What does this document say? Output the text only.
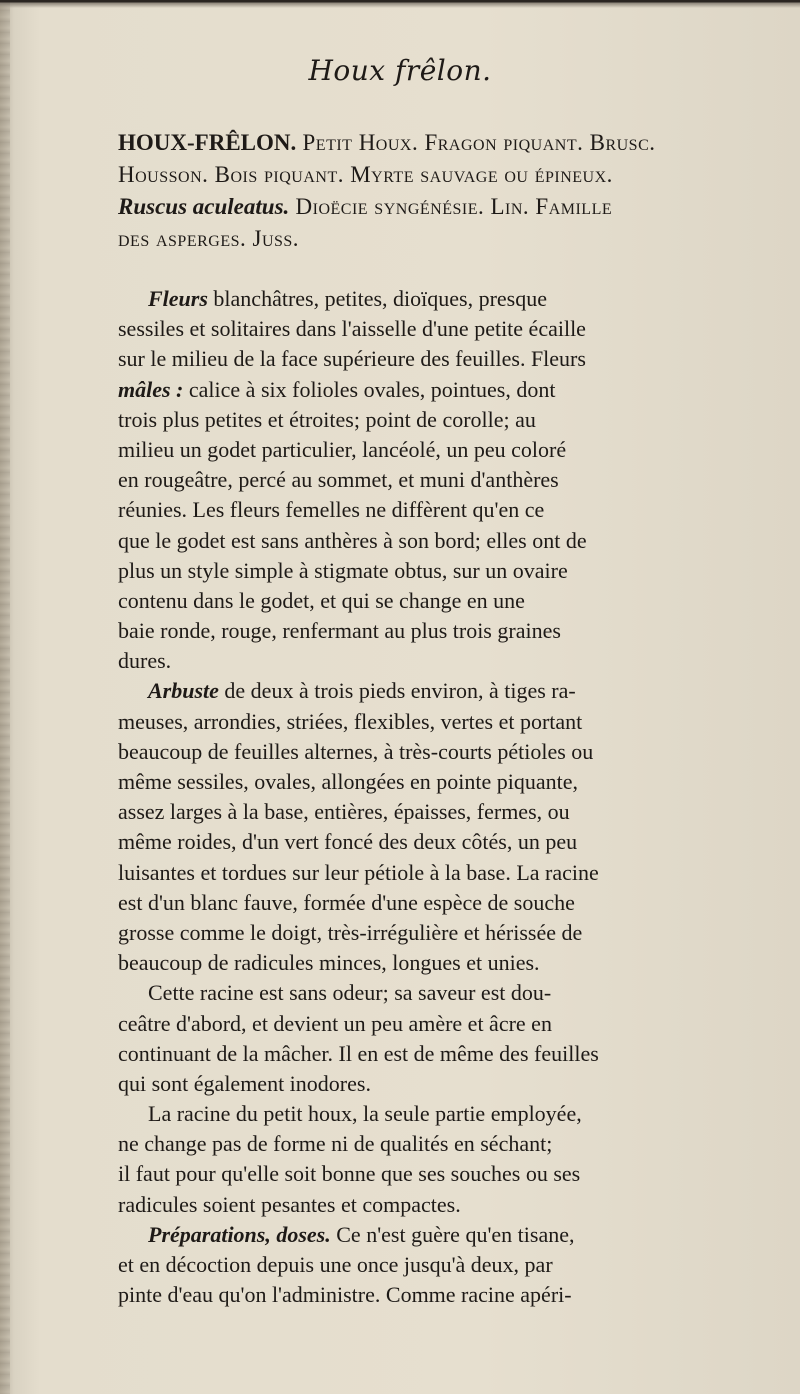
Houx frêlon.
HOUX-FRÊLON. Petit Houx. Fragon piquant. Brusc.
Housson. Bois piquant. Myrte sauvage ou épineux.
Ruscus aculeatus. Dioëcie syngénésie. Lin. Famille
des asperges. Juss.
Fleurs blanchâtres, petites, dioïques, presque
sessiles et solitaires dans l'aisselle d'une petite écaille
sur le milieu de la face supérieure des feuilles. Fleurs
mâles : calice à six folioles ovales, pointues, dont
trois plus petites et étroites; point de corolle; au
milieu un godet particulier, lancéolé, un peu coloré
en rougeâtre, percé au sommet, et muni d'anthères
réunies. Les fleurs femelles ne diffèrent qu'en ce
que le godet est sans anthères à son bord; elles ont de
plus un style simple à stigmate obtus, sur un ovaire
contenu dans le godet, et qui se change en une
baie ronde, rouge, renfermant au plus trois graines
dures.
Arbuste de deux à trois pieds environ, à tiges ra-
meuses, arrondies, striées, flexibles, vertes et portant
beaucoup de feuilles alternes, à très-courts pétioles ou
même sessiles, ovales, allongées en pointe piquante,
assez larges à la base, entières, épaisses, fermes, ou
même roides, d'un vert foncé des deux côtés, un peu
luisantes et tordues sur leur pétiole à la base. La racine
est d'un blanc fauve, formée d'une espèce de souche
grosse comme le doigt, très-irrégulière et hérissée de
beaucoup de radicules minces, longues et unies.
Cette racine est sans odeur; sa saveur est dou-
ceâtre d'abord, et devient un peu amère et âcre en
continuant de la mâcher. Il en est de même des feuilles
qui sont également inodores.
La racine du petit houx, la seule partie employée,
ne change pas de forme ni de qualités en séchant;
il faut pour qu'elle soit bonne que ses souches ou ses
radicules soient pesantes et compactes.
Préparations, doses. Ce n'est guère qu'en tisane,
et en décoction depuis une once jusqu'à deux, par
pinte d'eau qu'on l'administre. Comme racine apéri-
